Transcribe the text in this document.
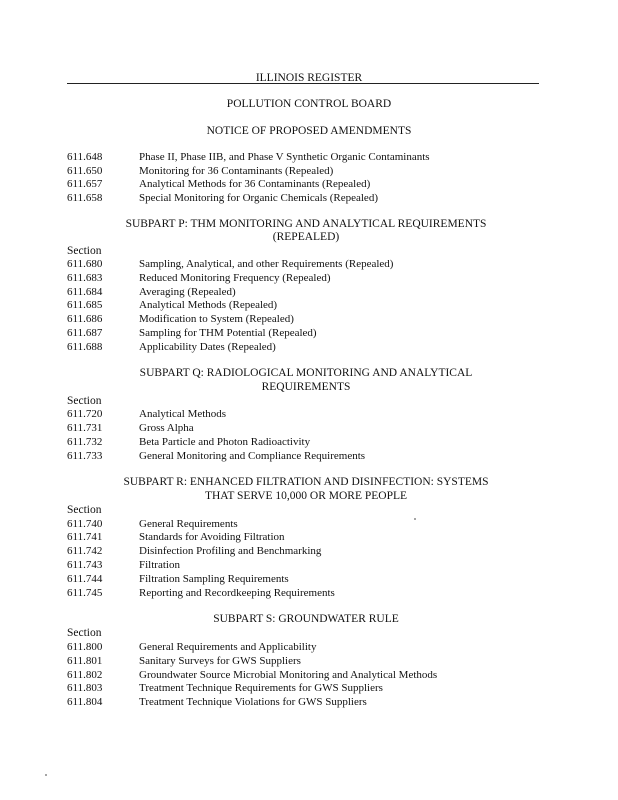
ILLINOIS REGISTER
POLLUTION CONTROL BOARD
NOTICE OF PROPOSED AMENDMENTS
611.648	Phase II, Phase IIB, and Phase V Synthetic Organic Contaminants
611.650	Monitoring for 36 Contaminants (Repealed)
611.657	Analytical Methods for 36 Contaminants (Repealed)
611.658	Special Monitoring for Organic Chemicals (Repealed)
SUBPART P: THM MONITORING AND ANALYTICAL REQUIREMENTS
(REPEALED)
Section
611.680	Sampling, Analytical, and other Requirements (Repealed)
611.683	Reduced Monitoring Frequency (Repealed)
611.684	Averaging (Repealed)
611.685	Analytical Methods (Repealed)
611.686	Modification to System (Repealed)
611.687	Sampling for THM Potential (Repealed)
611.688	Applicability Dates (Repealed)
SUBPART Q: RADIOLOGICAL MONITORING AND ANALYTICAL
REQUIREMENTS
Section
611.720	Analytical Methods
611.731	Gross Alpha
611.732	Beta Particle and Photon Radioactivity
611.733	General Monitoring and Compliance Requirements
SUBPART R: ENHANCED FILTRATION AND DISINFECTION: SYSTEMS
THAT SERVE 10,000 OR MORE PEOPLE
Section
611.740	General Requirements
611.741	Standards for Avoiding Filtration
611.742	Disinfection Profiling and Benchmarking
611.743	Filtration
611.744	Filtration Sampling Requirements
611.745	Reporting and Recordkeeping Requirements
SUBPART S: GROUNDWATER RULE
Section
611.800	General Requirements and Applicability
611.801	Sanitary Surveys for GWS Suppliers
611.802	Groundwater Source Microbial Monitoring and Analytical Methods
611.803	Treatment Technique Requirements for GWS Suppliers
611.804	Treatment Technique Violations for GWS Suppliers
